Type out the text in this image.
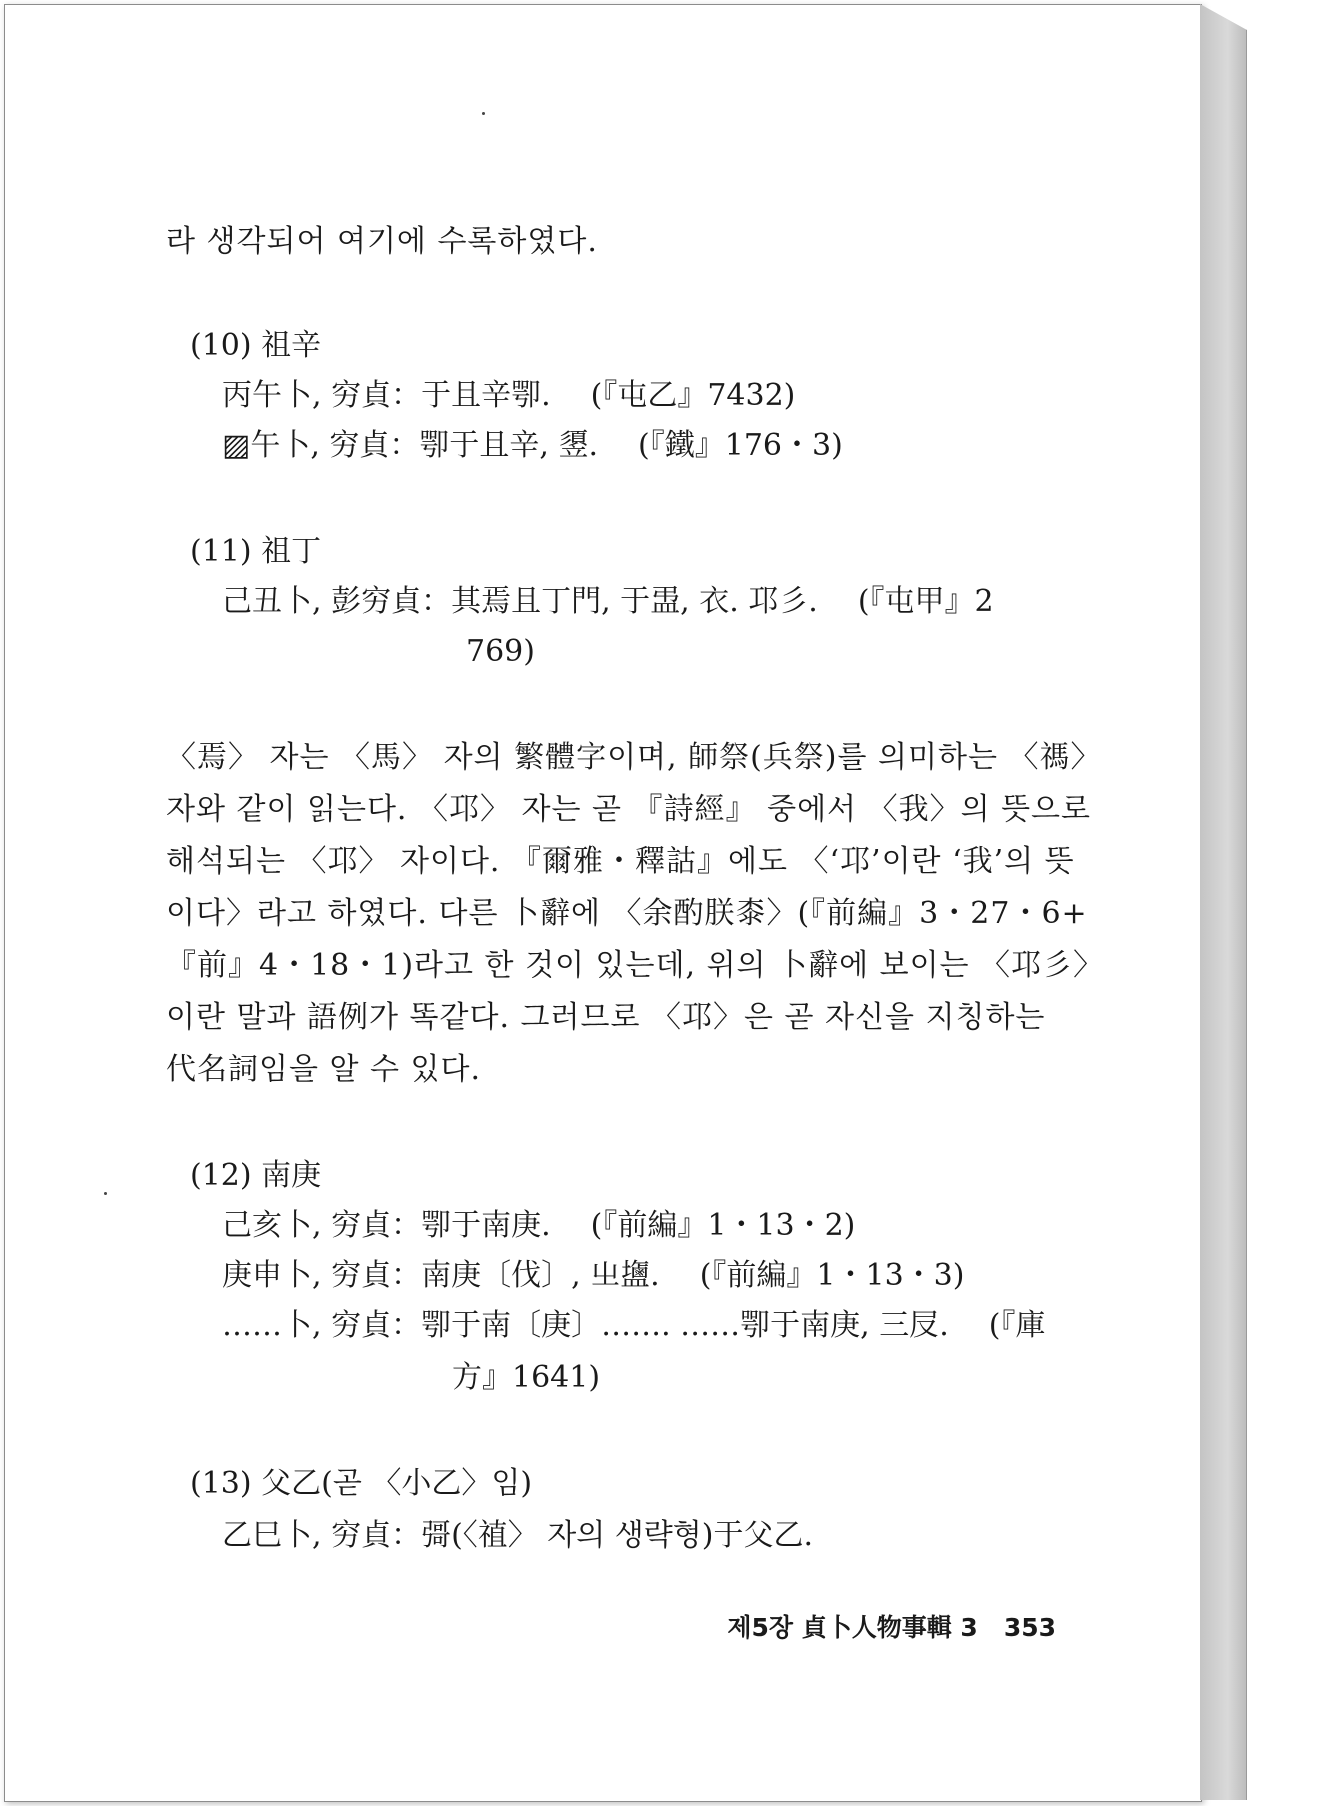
라 생각되어 여기에 수록하였다.
(10) 祖辛
丙午卜, 穷貞：于且辛卾. (『屯乙』7432)
▨午卜, 穷貞：卾于且辛, 䇓. (『鐵』176・3)
(11) 祖丁
己丑卜, 彭穷貞：其焉且丁門, 于盄, 衣. 邛彡. (『屯甲』2
769)
〈焉〉 자는 〈馬〉 자의 繁體字이며, 師祭(兵祭)를 의미하는 〈禡〉
자와 같이 읽는다. 〈邛〉 자는 곧 『詩經』 중에서 〈我〉의 뜻으로
해석되는 〈邛〉 자이다. 『爾雅・釋詁』에도 〈‘邛’이란 ‘我’의 뜻
이다〉라고 하였다. 다른 卜辭에 〈余酌朕桼〉(『前編』3・27・6+
『前』4・18・1)라고 한 것이 있는데, 위의 卜辭에 보이는 〈邛彡〉
이란 말과 語例가 똑같다. 그러므로 〈邛〉은 곧 자신을 지칭하는
代名詞임을 알 수 있다.
(12) 南庚
己亥卜, 穷貞：卾于南庚. (『前編』1・13・2)
庚申卜, 穷貞：南庚〔伐〕, 㞢䀋. (『前編』1・13・3)
……卜, 穷貞：卾于南〔庚〕……. ……卾于南庚, 三㞋. (『庫
方』1641)
(13) 父乙(곧 〈小乙〉임)
乙巳卜, 穷貞：彁(〈禃〉 자의 생략형)于父乙.
제5장 貞卜人物事輯 3 353
